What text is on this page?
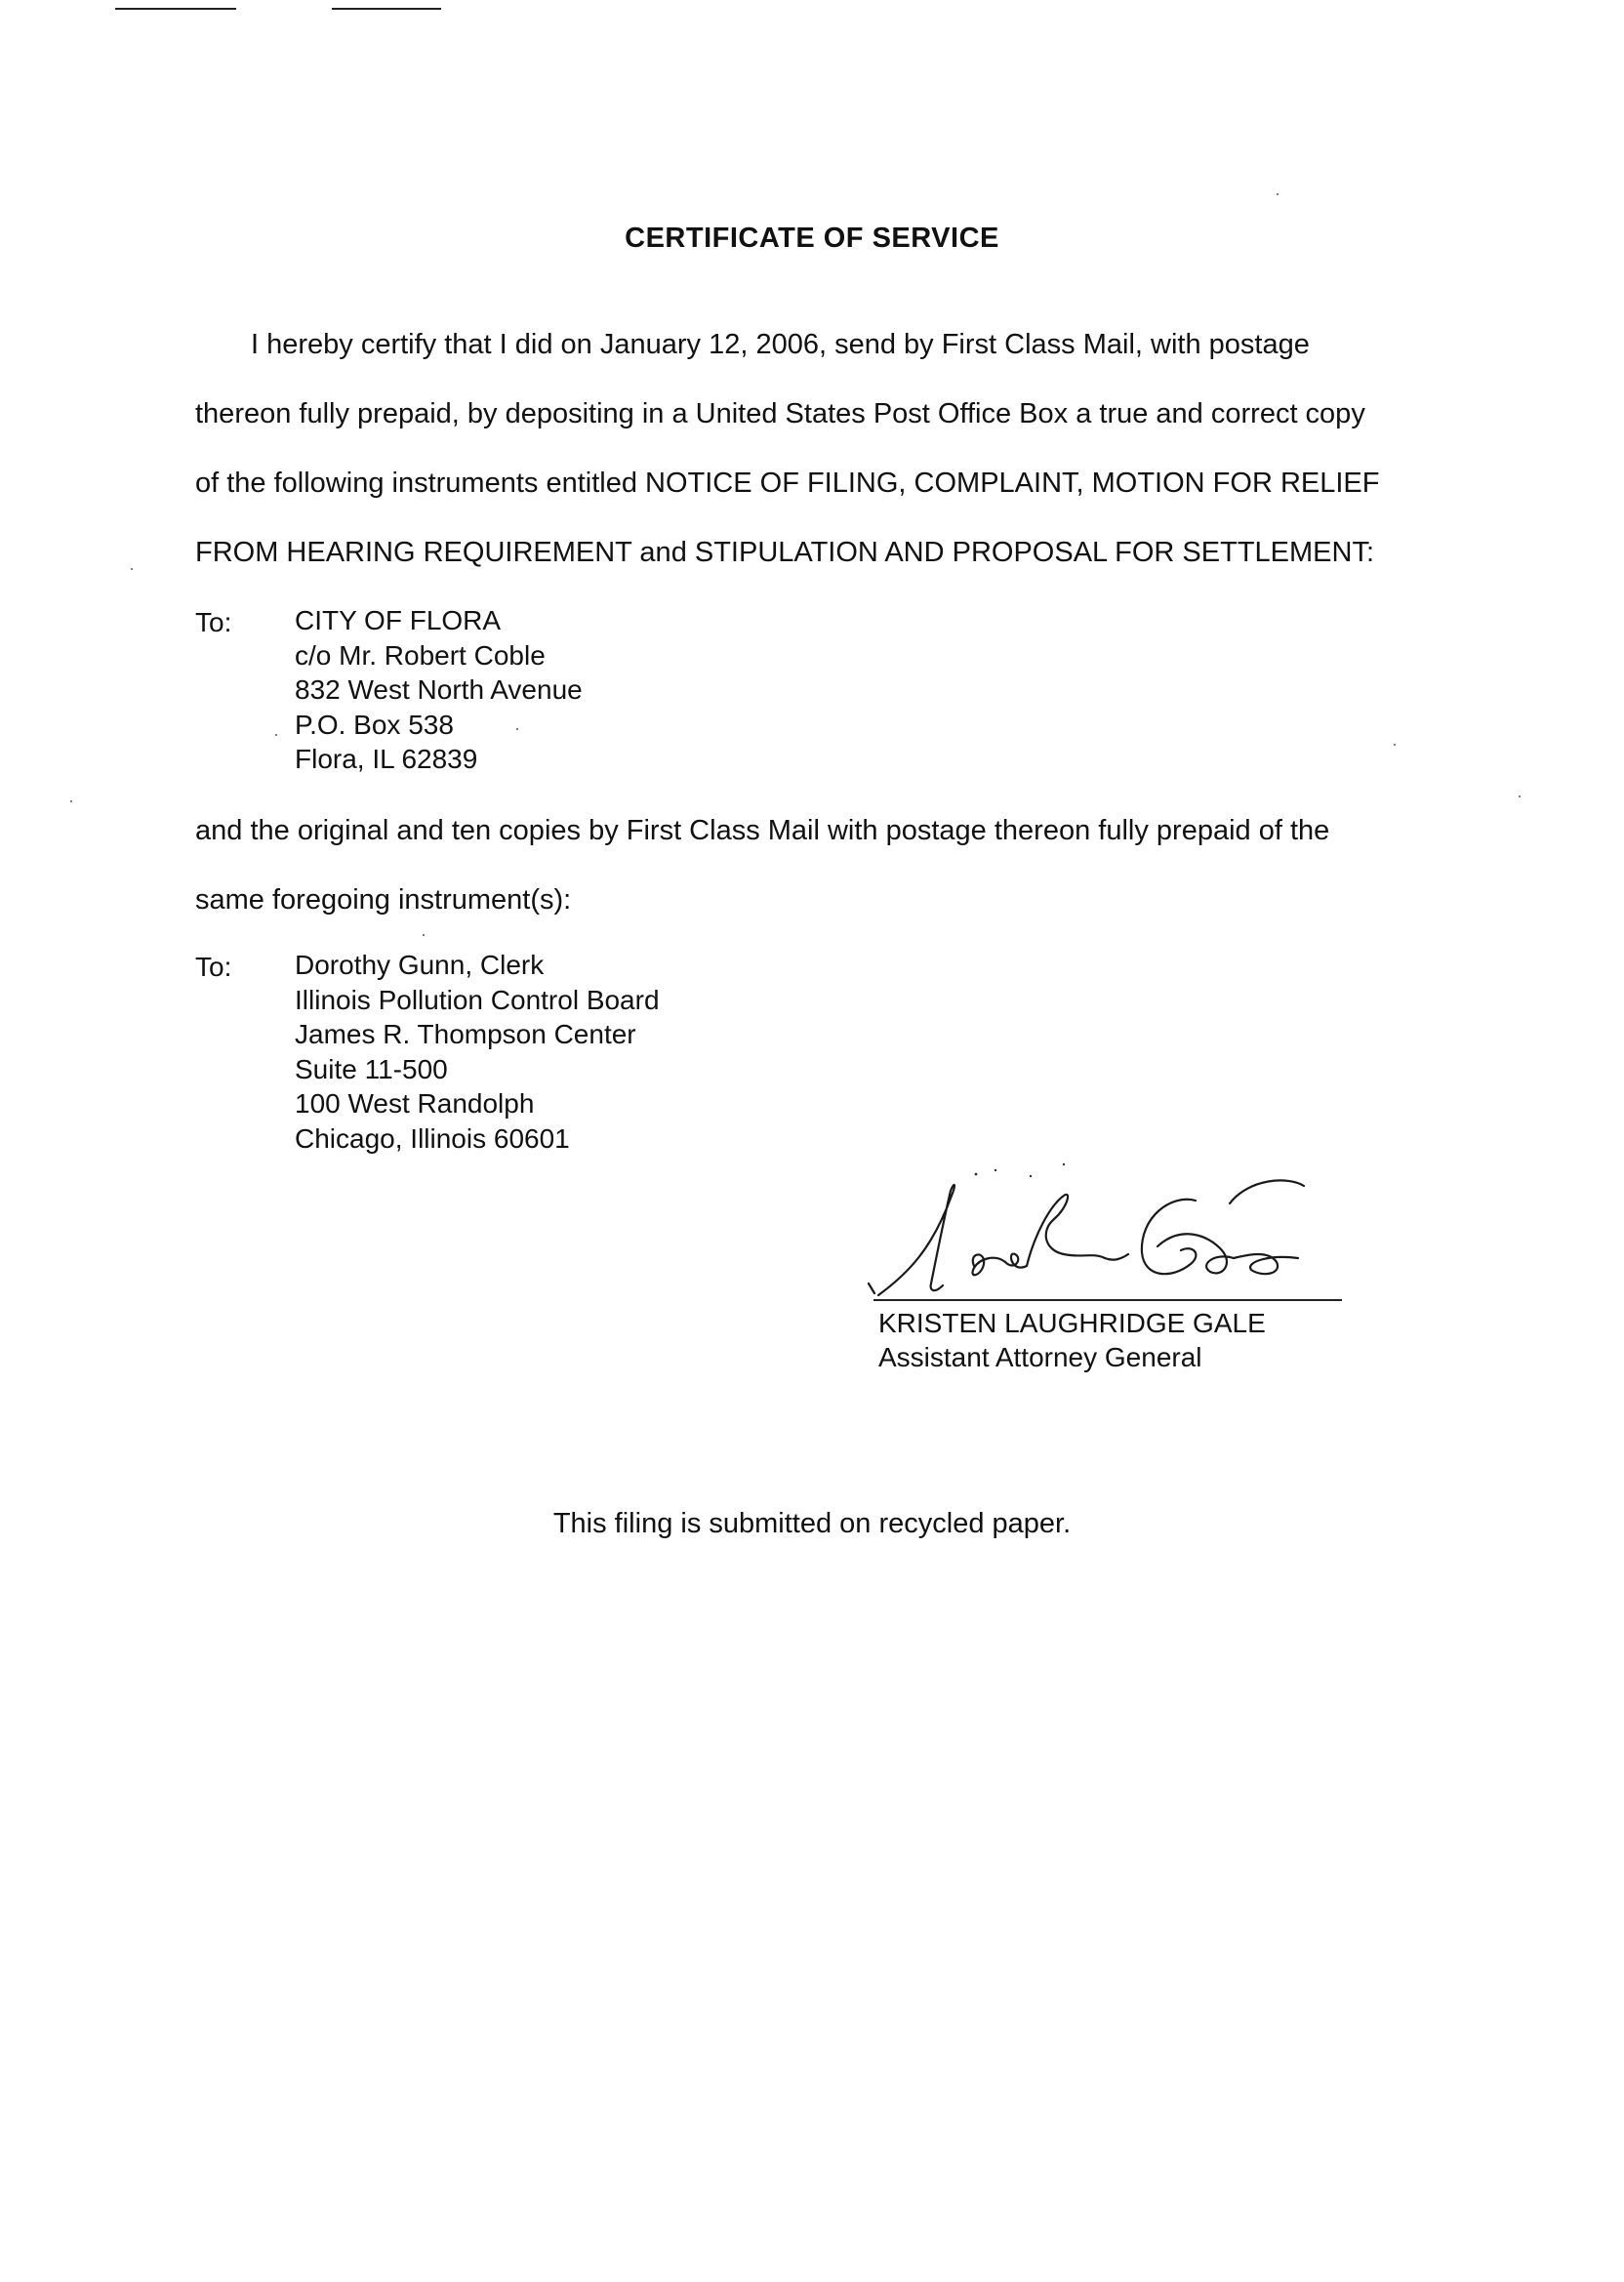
CERTIFICATE OF SERVICE
I hereby certify that I did on January 12, 2006, send by First Class Mail, with postage
thereon fully prepaid, by depositing in a United States Post Office Box a true and correct copy
of the following instruments entitled NOTICE OF FILING, COMPLAINT, MOTION FOR RELIEF
FROM HEARING REQUIREMENT and STIPULATION AND PROPOSAL FOR SETTLEMENT:
To: CITY OF FLORA
c/o Mr. Robert Coble
832 West North Avenue
P.O. Box 538
Flora, IL 62839
and the original and ten copies by First Class Mail with postage thereon fully prepaid of the
same foregoing instrument(s):
To: Dorothy Gunn, Clerk
Illinois Pollution Control Board
James R. Thompson Center
Suite 11-500
100 West Randolph
Chicago, Illinois 60601
KRISTEN LAUGHRIDGE GALE
Assistant Attorney General
This filing is submitted on recycled paper.
